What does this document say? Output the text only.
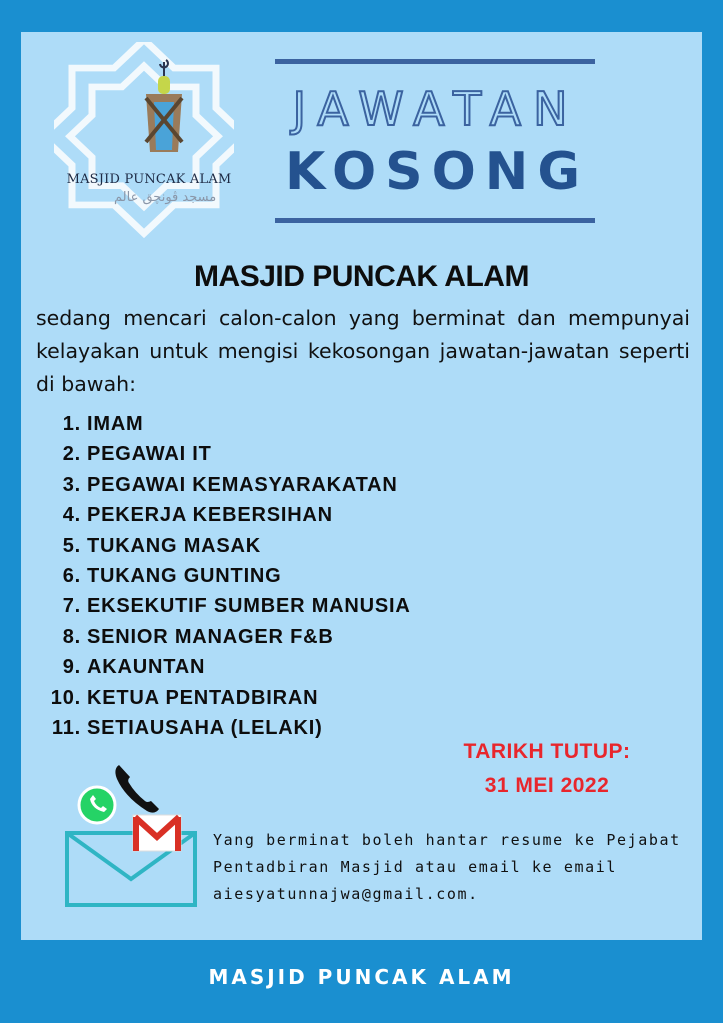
MASJID PUNCAK ALAM
مسجد ڤونچق عالم
JAWATAN
KOSONG
MASJID PUNCAK ALAM
sedang mencari calon-calon yang berminat dan mempunyai kelayakan untuk mengisi kekosongan jawatan-jawatan seperti di bawah:
1. IMAM
2. PEGAWAI IT
3. PEGAWAI KEMASYARAKATAN
4. PEKERJA KEBERSIHAN
5. TUKANG MASAK
6. TUKANG GUNTING
7. EKSEKUTIF SUMBER MANUSIA
8. SENIOR MANAGER F&B
9. AKAUNTAN
10. KETUA PENTADBIRAN
11. SETIAUSAHA (LELAKI)
TARIKH TUTUP:
31 MEI 2022
Yang berminat boleh hantar resume ke Pejabat Pentadbiran Masjid atau email ke email aiesyatunnajwa@gmail.com.
MASJID PUNCAK ALAM
